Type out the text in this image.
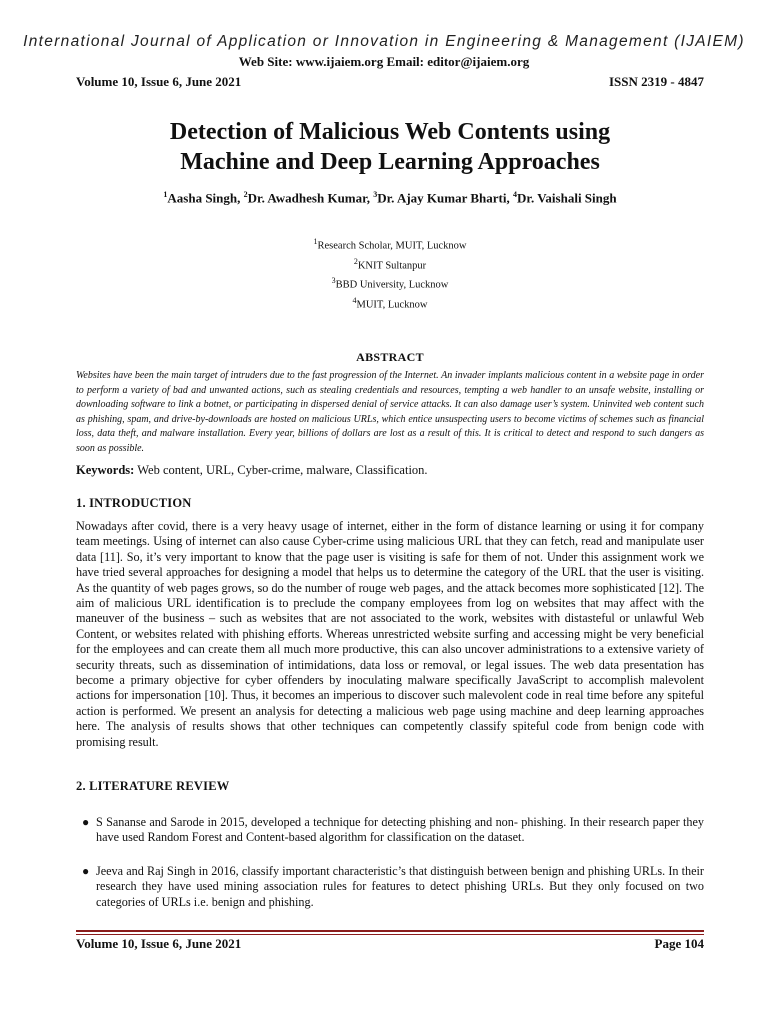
International Journal of Application or Innovation in Engineering & Management (IJAIEM)
Web Site: www.ijaiem.org Email: editor@ijaiem.org
Volume 10, Issue 6, June 2021	ISSN 2319 - 4847
Detection of Malicious Web Contents using
Machine and Deep Learning Approaches
$^1$Aasha Singh, $^2$Dr. Awadhesh Kumar, $^3$Dr. Ajay Kumar Bharti, $^4$Dr. Vaishali Singh
$^1$Research Scholar, MUIT, Lucknow
$^2$KNIT Sultanpur
$^3$BBD University, Lucknow
$^4$MUIT, Lucknow
ABSTRACT

Websites have been the main target of intruders due to the fast progression of the Internet. An invader implants malicious content in a website page in order to perform a variety of bad and unwanted actions, such as stealing credentials and resources, tempting a web handler to an unsafe website, installing or downloading software to link a botnet, or participating in dispersed denial of service attacks. It can also damage user’s system. Uninvited web content such as phishing, spam, and drive-by-downloads are hosted on malicious URLs, which entice unsuspecting users to become victims of schemes such as financial loss, data theft, and malware installation. Every year, billions of dollars are lost as a result of this. It is critical to detect and respond to such dangers as soon as possible.

Keywords: Web content, URL, Cyber-crime, malware, Classification.

1. INTRODUCTION

Nowadays after covid, there is a very heavy usage of internet, either in the form of distance learning or using it for company team meetings. Using of internet can also cause Cyber-crime using malicious URL that they can fetch, read and manipulate user data [11]. So, it’s very important to know that the page user is visiting is safe for them of not. Under this assignment work we have tried several approaches for designing a model that helps us to determine the category of the URL that the user is visiting. As the quantity of web pages grows, so do the number of rouge web pages, and the attack becomes more sophisticated [12]. The aim of malicious URL identification is to preclude the company employees from log on websites that may affect with the maneuver of the business – such as websites that are not associated to the work, websites with distasteful or unlawful Web Content, or websites related with phishing efforts. Whereas unrestricted website surfing and accessing might be very beneficial for the employees and can create them all much more productive, this can also uncover administrations to a extensive variety of security threats, such as dissemination of intimidations, data loss or removal, or legal issues. The web data presentation has become a primary objective for cyber offenders by inoculating malware specifically JavaScript to accomplish malevolent actions for impersonation [10]. Thus, it becomes an imperious to discover such malevolent code in real time before any spiteful action is performed. We present an analysis for detecting a malicious web page using machine and deep learning approaches here. The analysis of results shows that other techniques can competently classify spiteful code from benign code with promising result.

2. LITERATURE REVIEW
● S Sananse and Sarode in 2015, developed a technique for detecting phishing and non- phishing. In their research paper they have used Random Forest and Content-based algorithm for classification on the dataset.
● Jeeva and Raj Singh in 2016, classify important characteristic’s that distinguish between benign and phishing URLs. In their research they have used mining association rules for features to detect phishing URLs. But they only focused on two categories of URLs i.e. benign and phishing.
Volume 10, Issue 6, June 2021	Page 104
